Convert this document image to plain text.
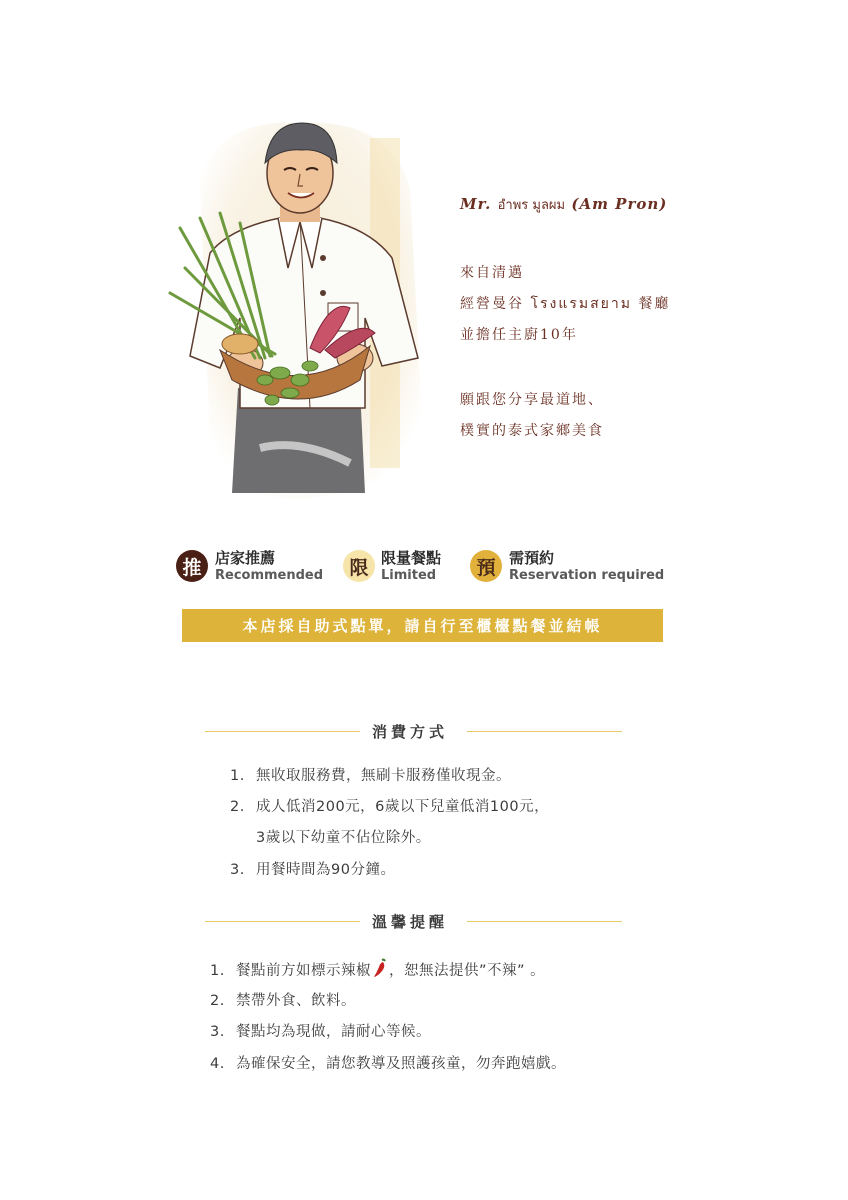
Mr. อำพร มูลผม (Am Pron)
來自清邁
經營曼谷 โรงแรมสยาม 餐廳
並擔任主廚10年
願跟您分享最道地、
樸實的泰式家鄉美食
推 店家推薦
Recommended	限 限量餐點
Limited	預 需預約
Reservation required
本店採自助式點單，請自行至櫃檯點餐並結帳
消費方式
1. 無收取服務費，無刷卡服務僅收現金。
2. 成人低消200元，6歲以下兒童低消100元，
3歲以下幼童不佔位除外。
3. 用餐時間為90分鐘。
溫馨提醒
1. 餐點前方如標示辣椒 ，恕無法提供”不辣” 。
2. 禁帶外食、飲料。
3. 餐點均為現做，請耐心等候。
4. 為確保安全，請您教導及照護孩童，勿奔跑嬉戲。
